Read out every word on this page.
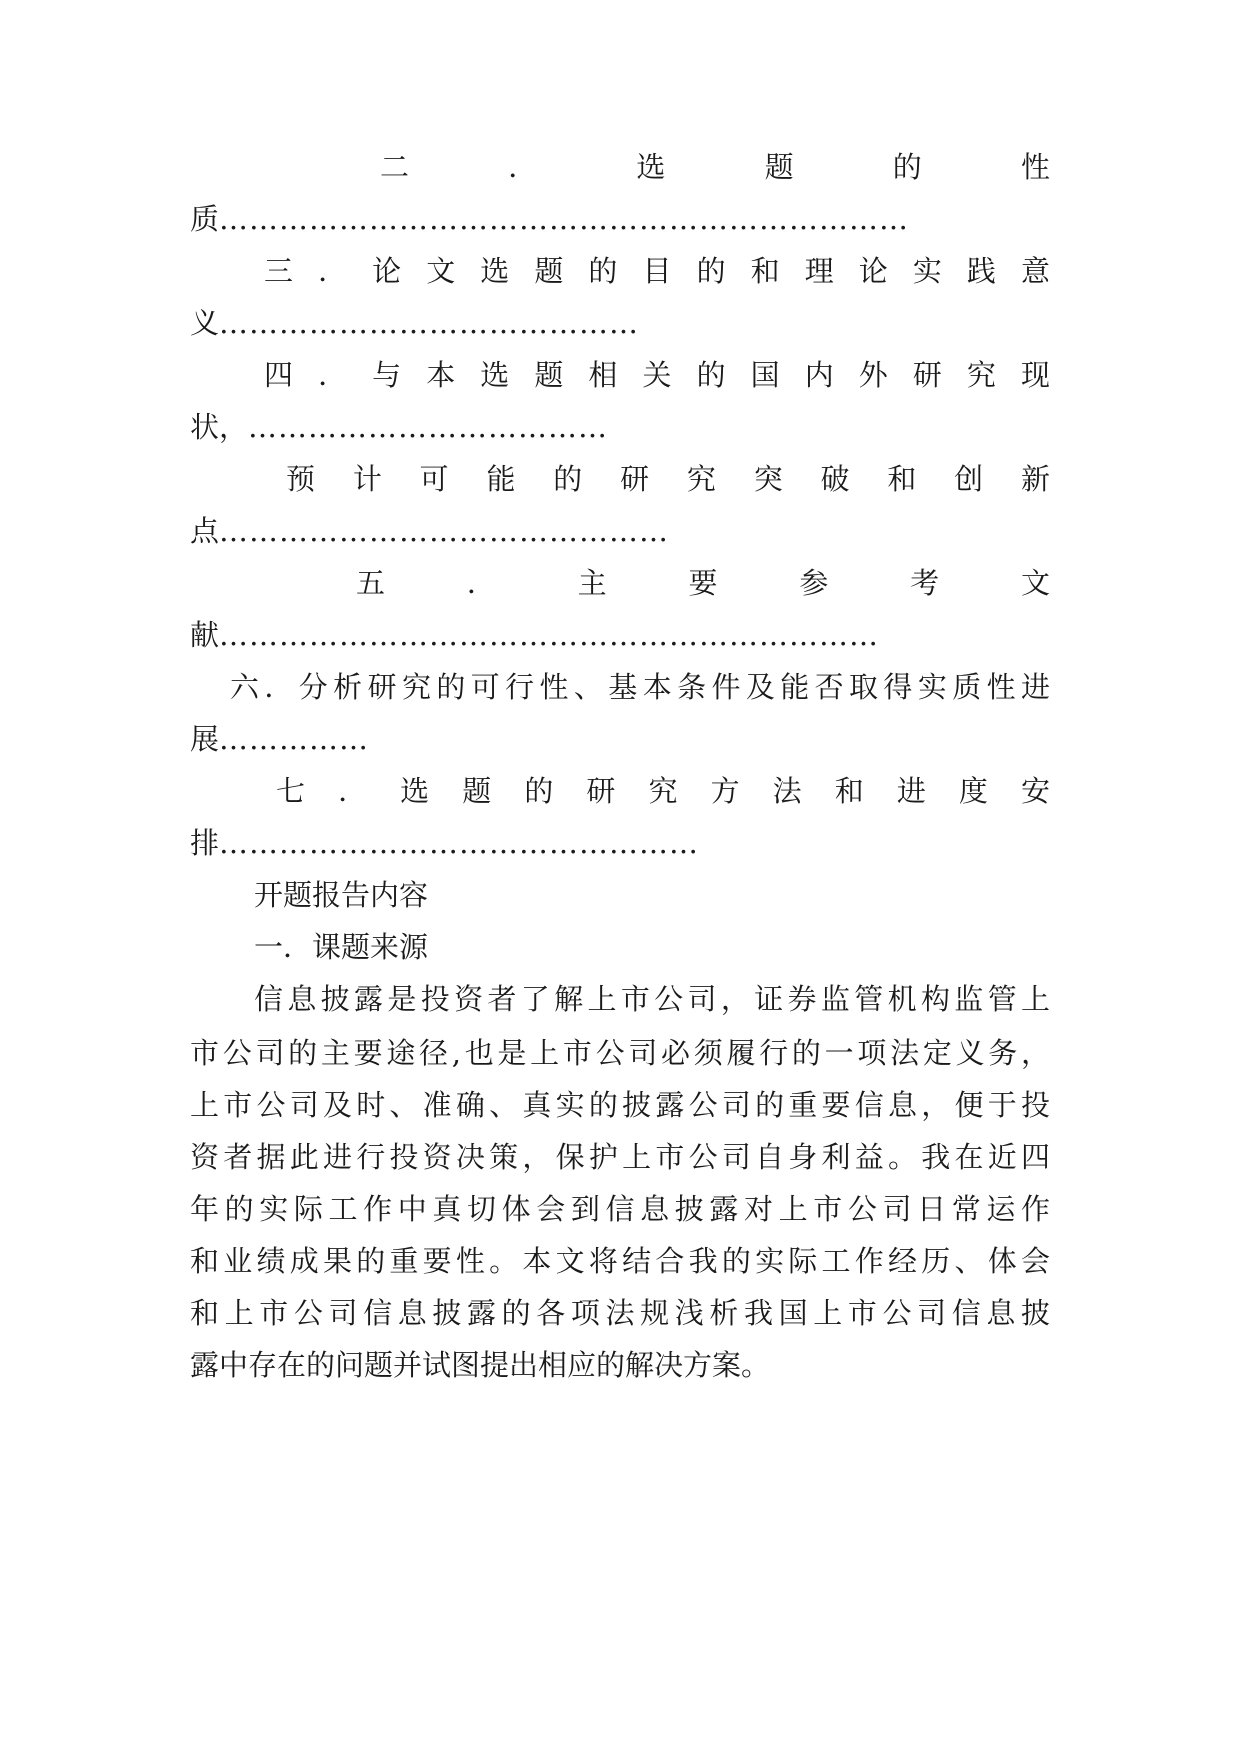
二．选题的性
质……………………………………………………………
三．论文选题的目的和理论实践意
义……………………………………
四．与本选题相关的国内外研究现
状，………………………………
预计可能的研究突破和创新
点………………………………………
五．主要参考文
献…………………………………………………………
六．分析研究的可行性、基本条件及能否取得实质性进
展……………
七．选题的研究方法和进度安
排…………………………………………
开题报告内容
一．课题来源
信息披露是投资者了解上市公司，证券监管机构监管上
市公司的主要途径,也是上市公司必须履行的一项法定义务，
上市公司及时、准确、真实的披露公司的重要信息，便于投
资者据此进行投资决策，保护上市公司自身利益。我在近四
年的实际工作中真切体会到信息披露对上市公司日常运作
和业绩成果的重要性。本文将结合我的实际工作经历、体会
和上市公司信息披露的各项法规浅析我国上市公司信息披
露中存在的问题并试图提出相应的解决方案。
